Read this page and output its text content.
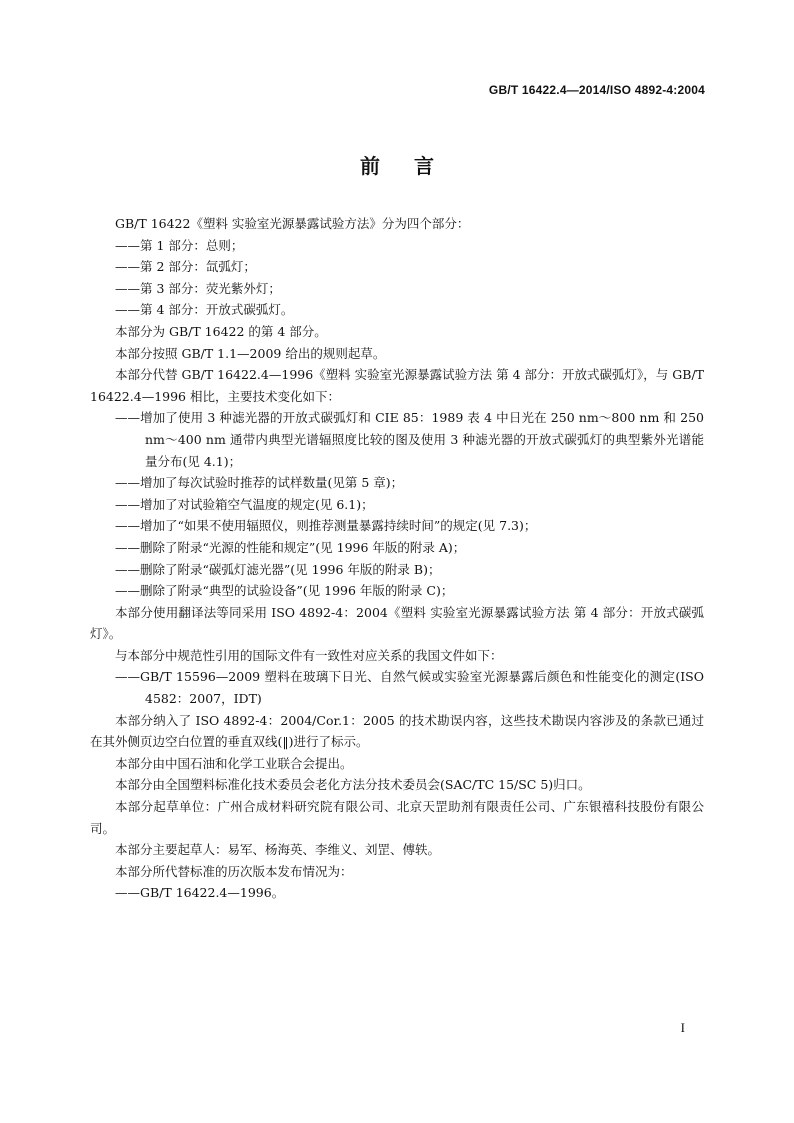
GB/T 16422.4—2014/ISO 4892-4:2004
前言

GB/T 16422《塑料 实验室光源暴露试验方法》分为四个部分：

——第 1 部分：总则；

——第 2 部分：氙弧灯；

——第 3 部分：荧光紫外灯；

——第 4 部分：开放式碳弧灯。

本部分为 GB/T 16422 的第 4 部分。

本部分按照 GB/T 1.1—2009 给出的规则起草。

本部分代替 GB/T 16422.4—1996《塑料 实验室光源暴露试验方法 第 4 部分：开放式碳弧灯》，与 GB/T 16422.4—1996 相比，主要技术变化如下：

——增加了使用 3 种滤光器的开放式碳弧灯和 CIE 85：1989 表 4 中日光在 250 nm～800 nm 和 250 nm～400 nm 通带内典型光谱辐照度比较的图及使用 3 种滤光器的开放式碳弧灯的典型紫外光谱能量分布(见 4.1)；

——增加了每次试验时推荐的试样数量(见第 5 章)；

——增加了对试验箱空气温度的规定(见 6.1)；

——增加了“如果不使用辐照仪，则推荐测量暴露持续时间”的规定(见 7.3)；

——删除了附录“光源的性能和规定”(见 1996 年版的附录 A)；

——删除了附录“碳弧灯滤光器”(见 1996 年版的附录 B)；

——删除了附录“典型的试验设备”(见 1996 年版的附录 C)；

本部分使用翻译法等同采用 ISO 4892-4：2004《塑料 实验室光源暴露试验方法 第 4 部分：开放式碳弧灯》。

与本部分中规范性引用的国际文件有一致性对应关系的我国文件如下：

——GB/T 15596—2009 塑料在玻璃下日光、自然气候或实验室光源暴露后颜色和性能变化的测定(ISO 4582：2007，IDT)

本部分纳入了 ISO 4892-4：2004/Cor.1：2005 的技术勘误内容，这些技术勘误内容涉及的条款已通过在其外侧页边空白位置的垂直双线(‖)进行了标示。

本部分由中国石油和化学工业联合会提出。

本部分由全国塑料标准化技术委员会老化方法分技术委员会(SAC/TC 15/SC 5)归口。

本部分起草单位：广州合成材料研究院有限公司、北京天罡助剂有限责任公司、广东银禧科技股份有限公司。

本部分主要起草人：易军、杨海英、李维义、刘罡、傅轶。

本部分所代替标准的历次版本发布情况为：

——GB/T 16422.4—1996。

I
